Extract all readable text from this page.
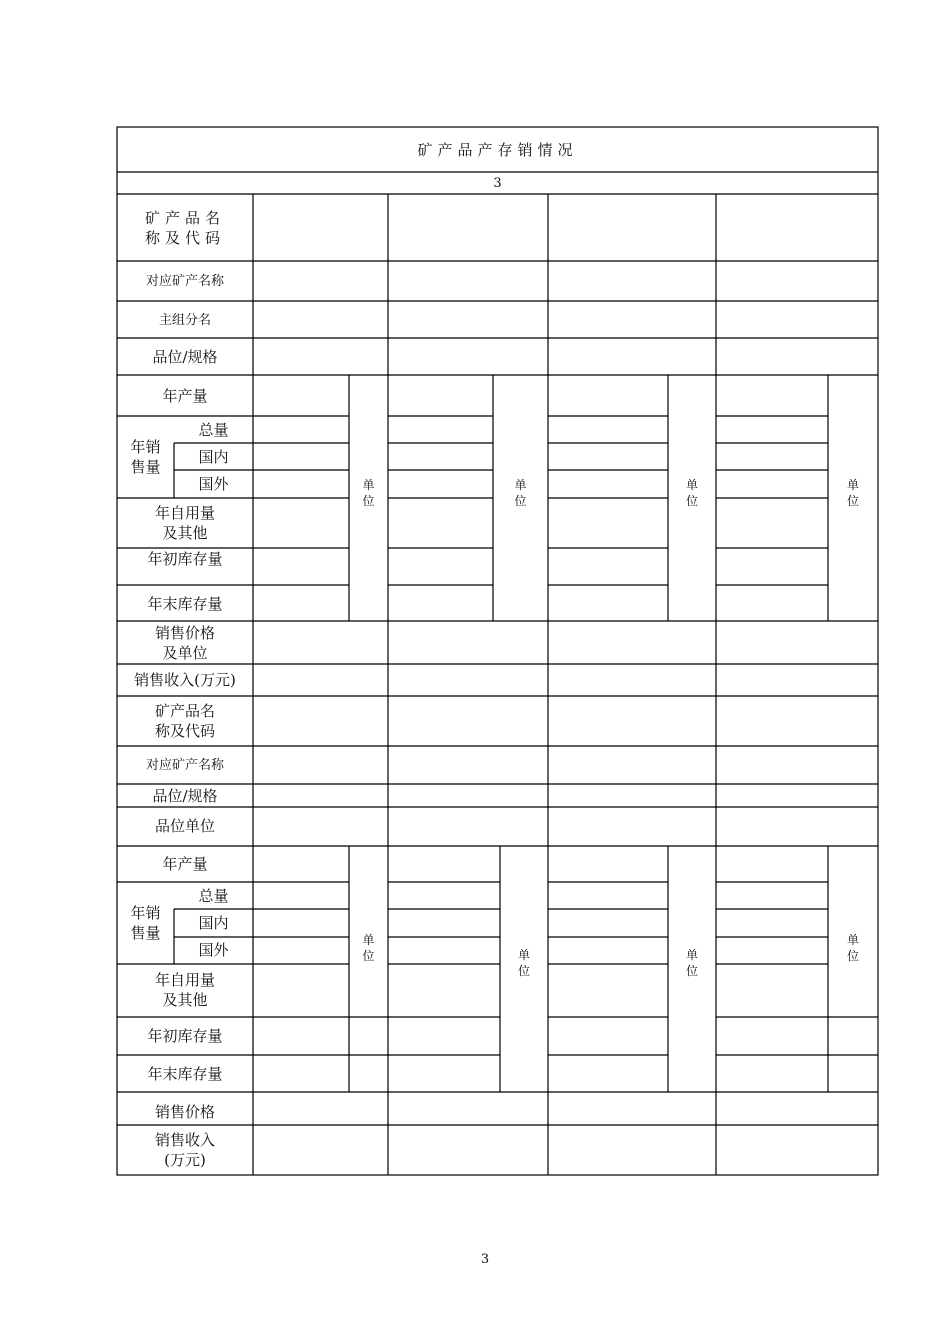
矿产品产存销情况
3
矿产品名
称及代码
对应矿产名称
主组分名
品位/规格
年产量
年销
售量
总量
国内
国外
年自用量
及其他
年初库存量
年末库存量
销售价格
及单位
销售收入(万元)
单
位
单
位
单
位
单
位
矿产品名
称及代码
对应矿产名称
品位/规格
品位单位
年产量
年销
售量
总量
国内
国外
年自用量
及其他
年初库存量
年末库存量
销售价格
销售收入
(万元)
单
位	单
位
单
位
单
位
3
